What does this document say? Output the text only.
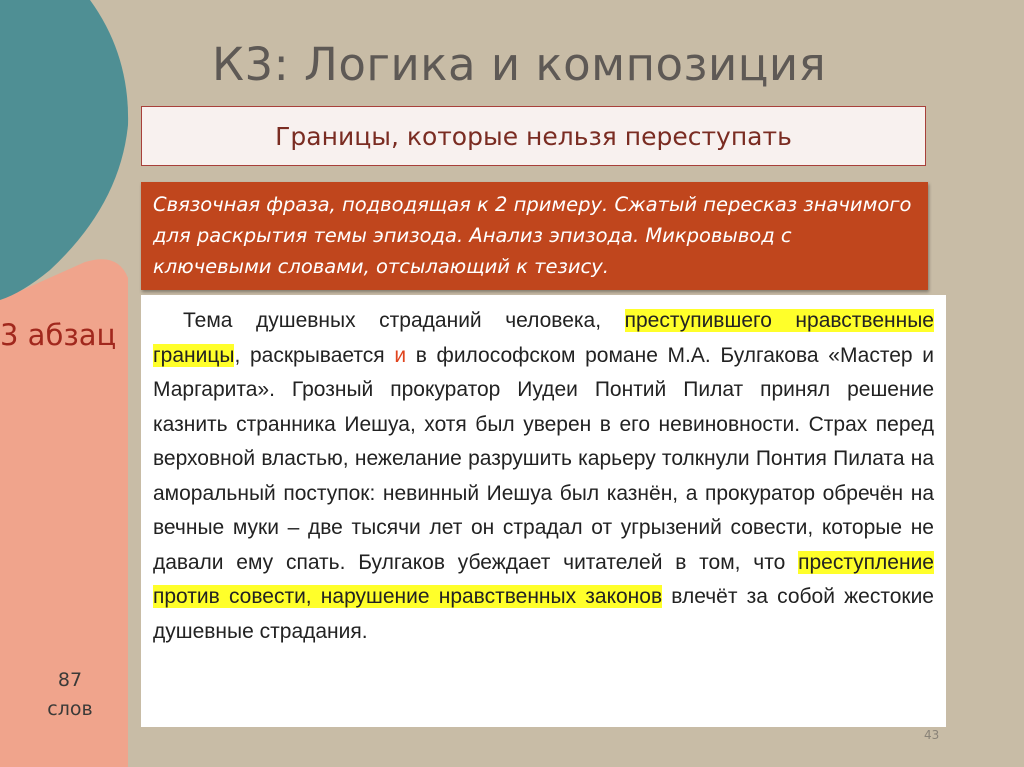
К3: Логика и композиция
Границы, которые нельзя переступать
Связочная фраза, подводящая к 2 примеру. Сжатый пересказ значимого для раскрытия темы эпизода. Анализ эпизода. Микровывод с ключевыми словами, отсылающий к тезису.
3 абзац
87
слов

Тема душевных страданий человека, преступившего нравственные границы, раскрывается и в философском романе М.А. Булгакова «Мастер и Маргарита». Грозный прокуратор Иудеи Понтий Пилат принял решение казнить странника Иешуа, хотя был уверен в его невиновности. Страх перед верховной властью, нежелание разрушить карьеру толкнули Понтия Пилата на аморальный поступок: невинный Иешуа был казнён, а прокуратор обречён на вечные муки – две тысячи лет он страдал от угрызений совести, которые не давали ему спать. Булгаков убеждает читателей в том, что преступление против совести, нарушение нравственных законов влечёт за собой жестокие душевные страдания.

43
